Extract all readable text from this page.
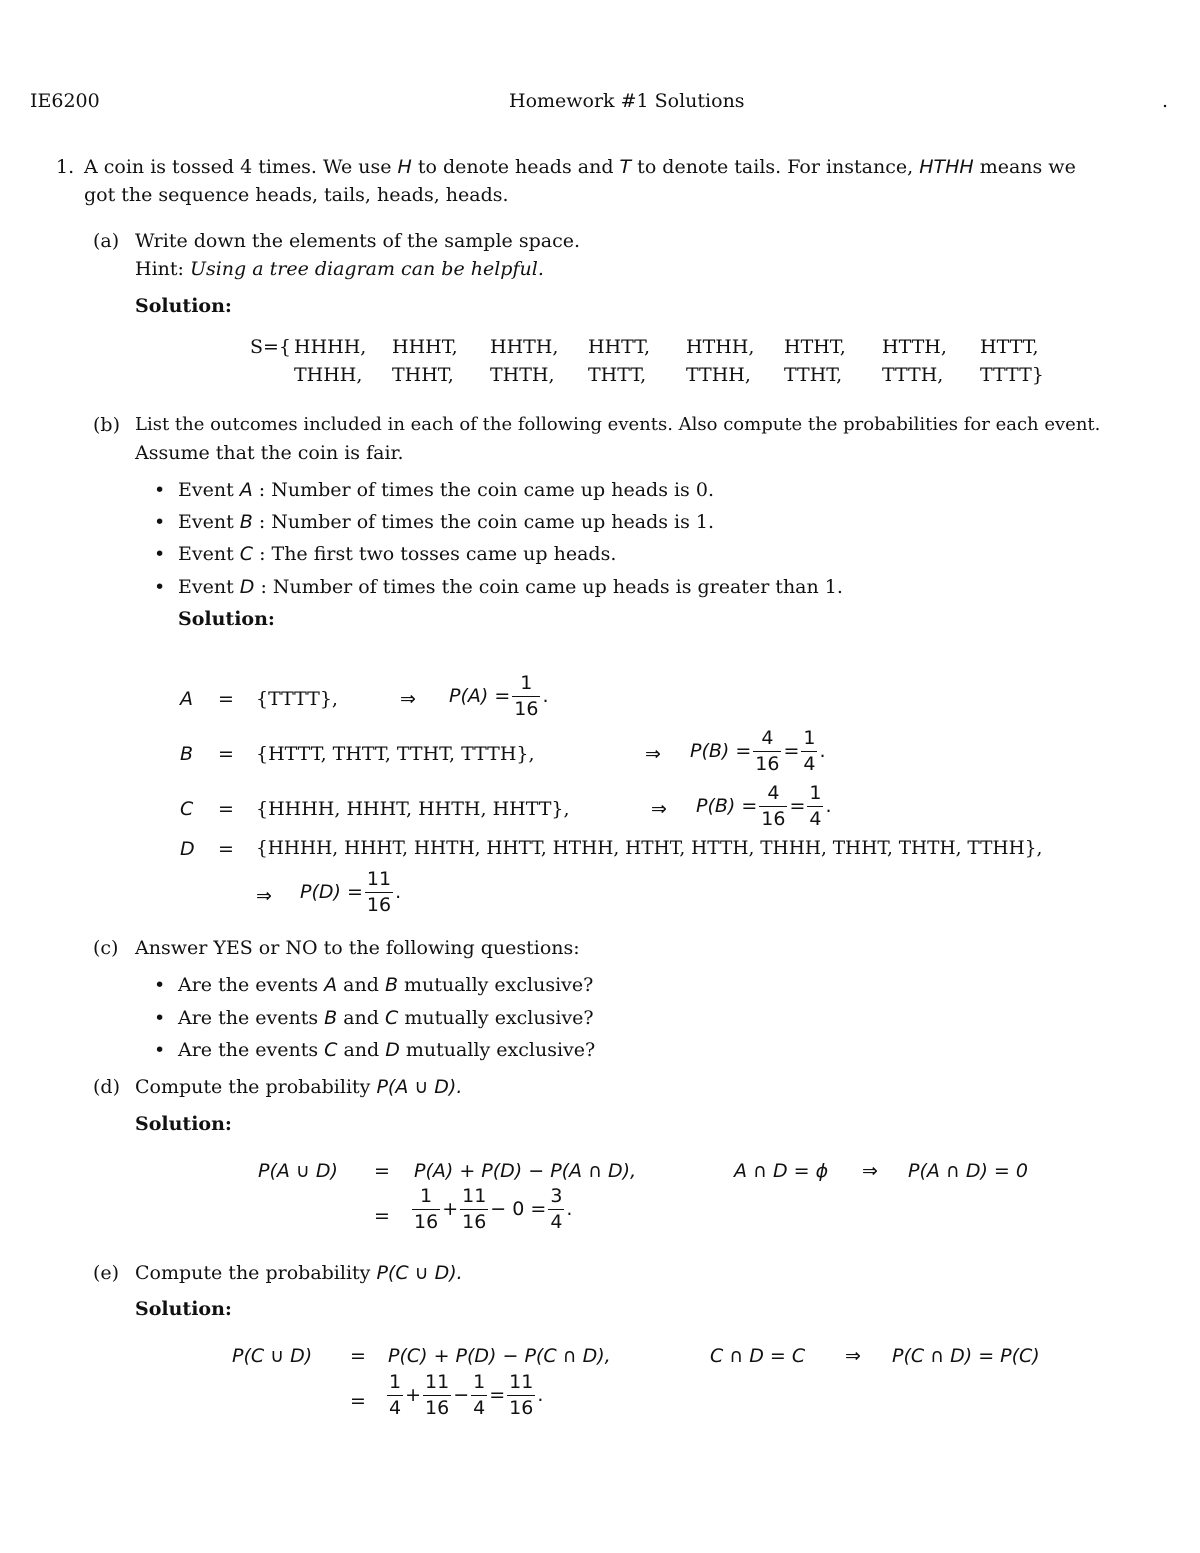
IE6200	Homework #1 Solutions	.
1. A coin is tossed 4 times. We use H to denote heads and T to denote tails. For instance, HTHH means we
got the sequence heads, tails, heads, heads.
(a) Write down the elements of the sample space.
Hint: Using a tree diagram can be helpful.
Solution:
S={ HHHH, HHHT, HHTH, HHTT, HTHH, HTHT, HTTH, HTTT,
THHH, THHT, THTH, THTT, TTHH, TTHT, TTTH, TTTT}
(b) List the outcomes included in each of the following events. Also compute the probabilities for each event.
Assume that the coin is fair.
• Event A : Number of times the coin came up heads is 0.
• Event B : Number of times the coin came up heads is 1.
• Event C : The first two tosses came up heads.
• Event D : Number of times the coin came up heads is greater than 1.
Solution:
A = {TTTT},	⇒ $P(A) = \frac{1}{16}$ .
B = {HTTT, THTT, TTHT, TTTH},	⇒ $P(B) = \frac{4}{16} = \frac{1}{4}$ .
C = {HHHH, HHHT, HHTH, HHTT},	⇒ $P(B) = \frac{4}{16} = \frac{1}{4}$ .
D = {HHHH, HHHT, HHTH, HHTT, HTHH, HTHT, HTTH, THHH, THHT, THTH, TTHH},
⇒ $P(D) = \frac{11}{16}$ .
(c) Answer YES or NO to the following questions:
• Are the events A and B mutually exclusive?
• Are the events B and C mutually exclusive?
• Are the events C and D mutually exclusive?
(d) Compute the probability P(A ∪ D).
Solution:
P(A ∪ D) = P(A) + P(D) − P(A ∩ D),	A ∩ D = ϕ ⇒ P(A ∩ D) = 0
= $\frac{1}{16} + \frac{11}{16} - 0 = \frac{3}{4}$ .
(e) Compute the probability P(C ∪ D).
Solution:
P(C ∪ D) = P(C) + P(D) − P(C ∩ D),	C ∩ D = C ⇒ P(C ∩ D) = P(C)
= $\frac{1}{4} + \frac{11}{16} - \frac{1}{4} = \frac{11}{16}$ .
